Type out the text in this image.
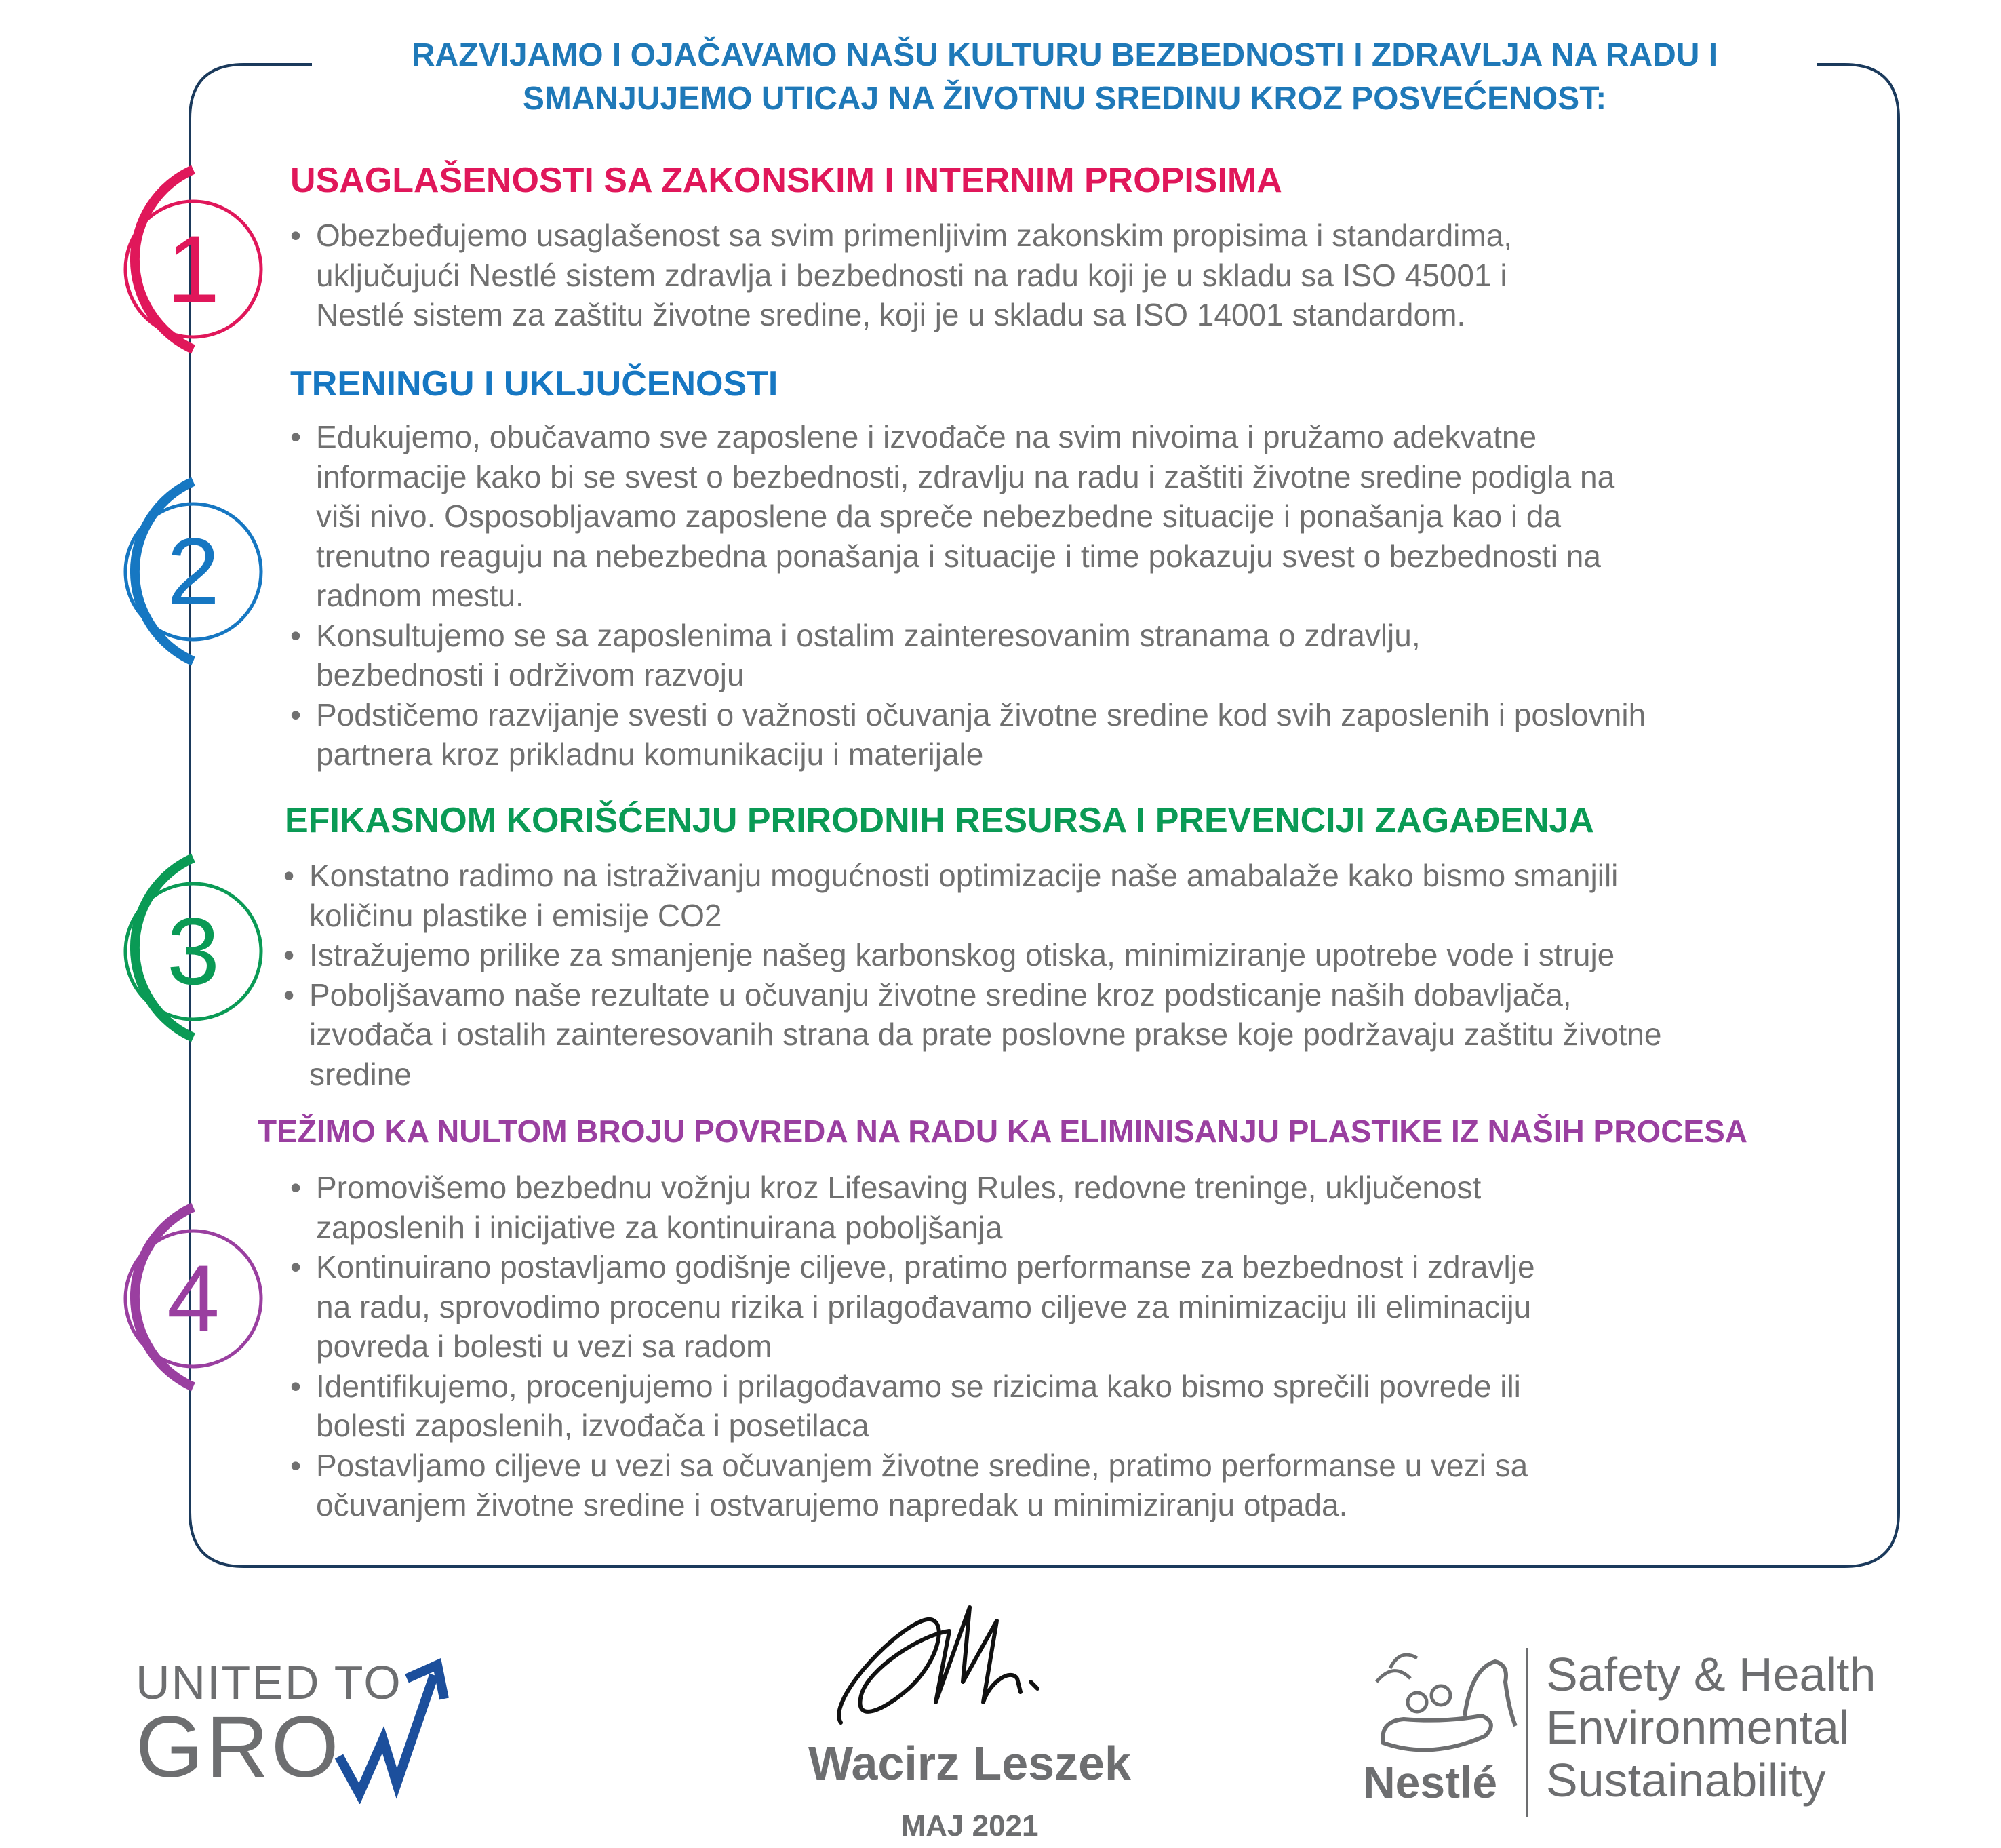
RAZVIJAMO I OJAČAVAMO NAŠU KULTURU BEZBEDNOSTI I ZDRAVLJA NA RADU I
SMANJUJEMO UTICAJ NA ŽIVOTNU SREDINU KROZ POSVEĆENOST:
1
2
3
4
USAGLAŠENOSTI SA ZAKONSKIM I INTERNIM PROPISIMA
• Obezbeđujemo usaglašenost sa svim primenljivim zakonskim propisima i standardima,
uključujući Nestlé sistem zdravlja i bezbednosti na radu koji je u skladu sa ISO 45001 i
Nestlé sistem za zaštitu životne sredine, koji je u skladu sa ISO 14001 standardom.
TRENINGU I UKLJUČENOSTI
• Edukujemo, obučavamo sve zaposlene i izvođače na svim nivoima i pružamo adekvatne
informacije kako bi se svest o bezbednosti, zdravlju na radu i zaštiti životne sredine podigla na
viši nivo. Osposobljavamo zaposlene da spreče nebezbedne situacije i ponašanja kao i da
trenutno reaguju na nebezbedna ponašanja i situacije i time pokazuju svest o bezbednosti na
radnom mestu.
• Konsultujemo se sa zaposlenima i ostalim zainteresovanim stranama o zdravlju,
bezbednosti i održivom razvoju
• Podstičemo razvijanje svesti o važnosti očuvanja životne sredine kod svih zaposlenih i poslovnih
partnera kroz prikladnu komunikaciju i materijale
EFIKASNOM KORIŠĆENJU PRIRODNIH RESURSA I PREVENCIJI ZAGAĐENJA
• Konstatno radimo na istraživanju mogućnosti optimizacije naše amabalaže kako bismo smanjili
količinu plastike i emisije CO2
• Istražujemo prilike za smanjenje našeg karbonskog otiska, minimiziranje upotrebe vode i struje
• Poboljšavamo naše rezultate u očuvanju životne sredine kroz podsticanje naših dobavljača,
izvođača i ostalih zainteresovanih strana da prate poslovne prakse koje podržavaju zaštitu životne
sredine
TEŽIMO KA NULTOM BROJU POVREDA NA RADU KA ELIMINISANJU PLASTIKE IZ NAŠIH PROCESA
• Promovišemo bezbednu vožnju kroz Lifesaving Rules, redovne treninge, uključenost
zaposlenih i inicijative za kontinuirana poboljšanja
• Kontinuirano postavljamo godišnje ciljeve, pratimo performanse za bezbednost i zdravlje
na radu, sprovodimo procenu rizika i prilagođavamo ciljeve za minimizaciju ili eliminaciju
povreda i bolesti u vezi sa radom
• Identifikujemo, procenjujemo i prilagođavamo se rizicima kako bismo sprečili povrede ili
bolesti zaposlenih, izvođača i posetilaca
• Postavljamo ciljeve u vezi sa očuvanjem životne sredine, pratimo performanse u vezi sa
očuvanjem životne sredine i ostvarujemo napredak u minimiziranju otpada.
UNITED TO
GRO	Wacirz Leszek
MAJ 2021
Nestlé
Safety & Health
Environmental
Sustainability
